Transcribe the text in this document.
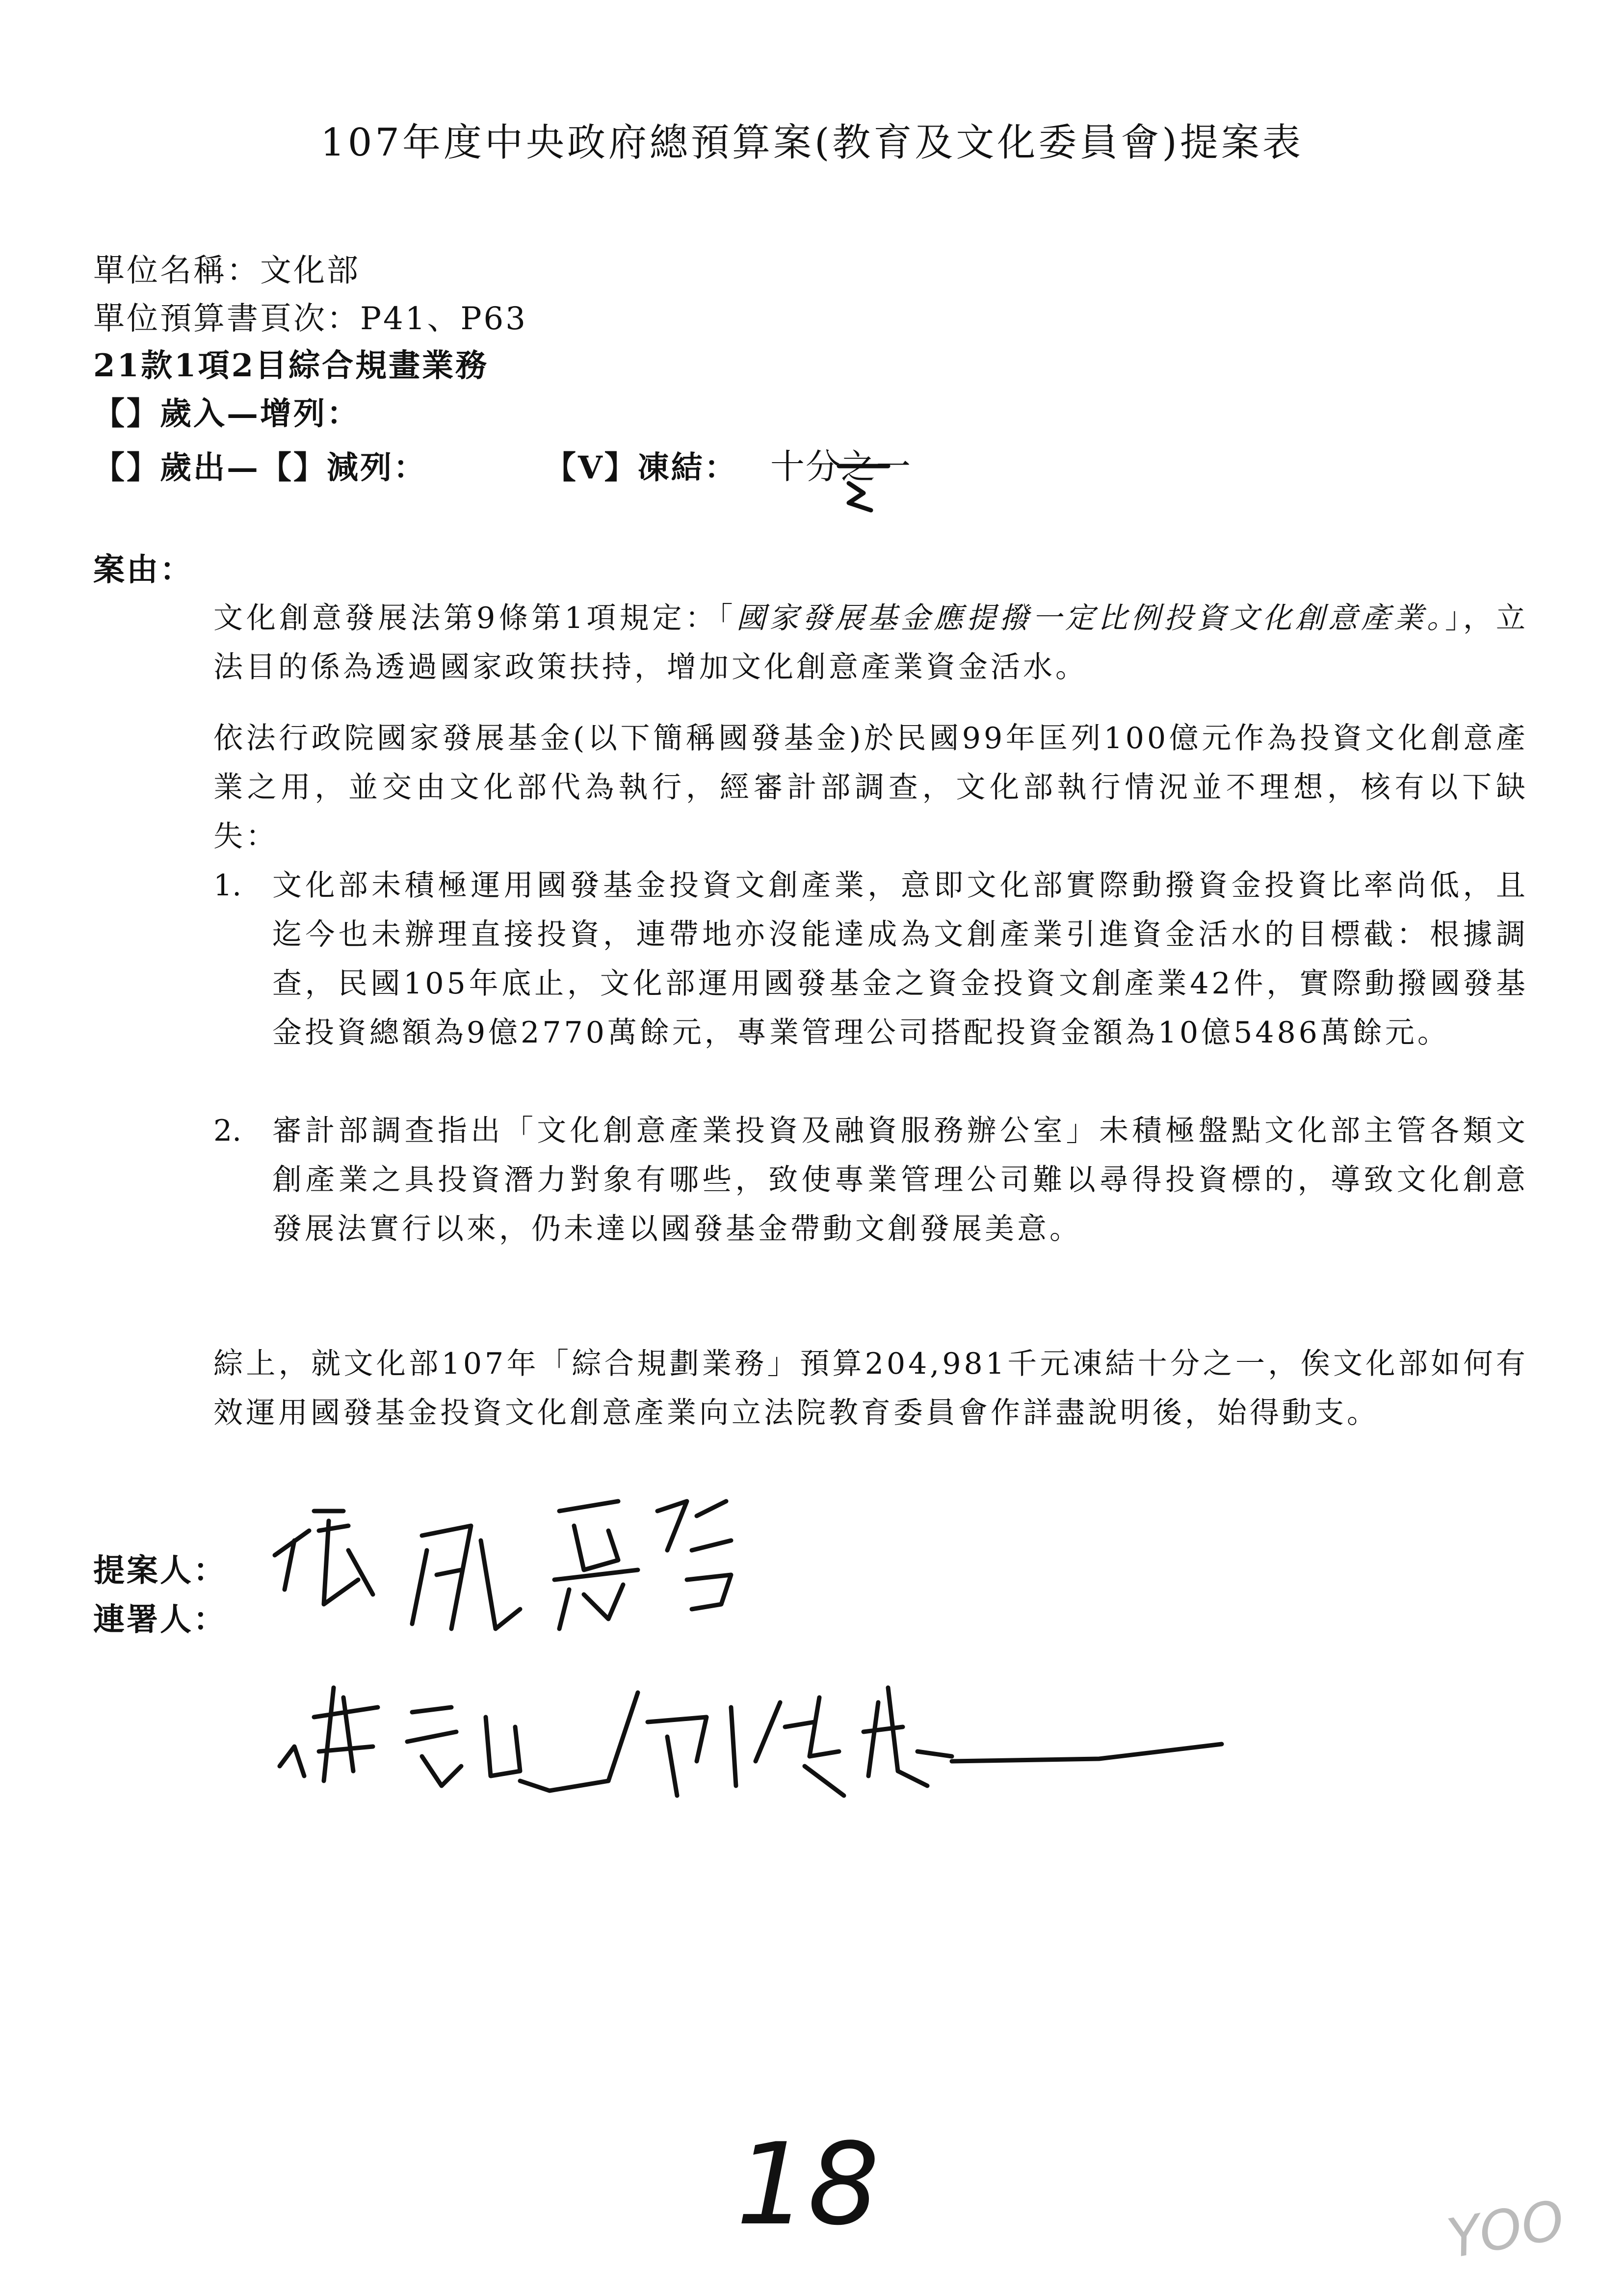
107年度中央政府總預算案(教育及文化委員會)提案表
單位名稱：文化部
單位預算書頁次：P41、P63
21款1項2目綜合規畫業務
【】歲入—增列：
【】歲出—【】減列：	【V】凍結： 十分之一
案由：
文化創意發展法第9條第1項規定：「國家發展基金應提撥一定比例投資文化創意產業。」，立法目的係為透過國家政策扶持，增加文化創意產業資金活水。
依法行政院國家發展基金(以下簡稱國發基金)於民國99年匡列100億元作為投資文化創意產業之用，並交由文化部代為執行，經審計部調查，文化部執行情況並不理想，核有以下缺失：
1. 文化部未積極運用國發基金投資文創產業，意即文化部實際動撥資金投資比率尚低，且迄今也未辦理直接投資，連帶地亦沒能達成為文創產業引進資金活水的目標截：根據調查，民國105年底止，文化部運用國發基金之資金投資文創產業42件，實際動撥國發基金投資總額為9億2770萬餘元，專業管理公司搭配投資金額為10億5486萬餘元。
2. 審計部調查指出「文化創意產業投資及融資服務辦公室」未積極盤點文化部主管各類文創產業之具投資潛力對象有哪些，致使專業管理公司難以尋得投資標的，導致文化創意發展法實行以來，仍未達以國發基金帶動文創發展美意。
綜上，就文化部107年「綜合規劃業務」預算204,981千元凍結十分之一，俟文化部如何有效運用國發基金投資文化創意產業向立法院教育委員會作詳盡說明後，始得動支。
提案人：
連署人：
18	YOO
